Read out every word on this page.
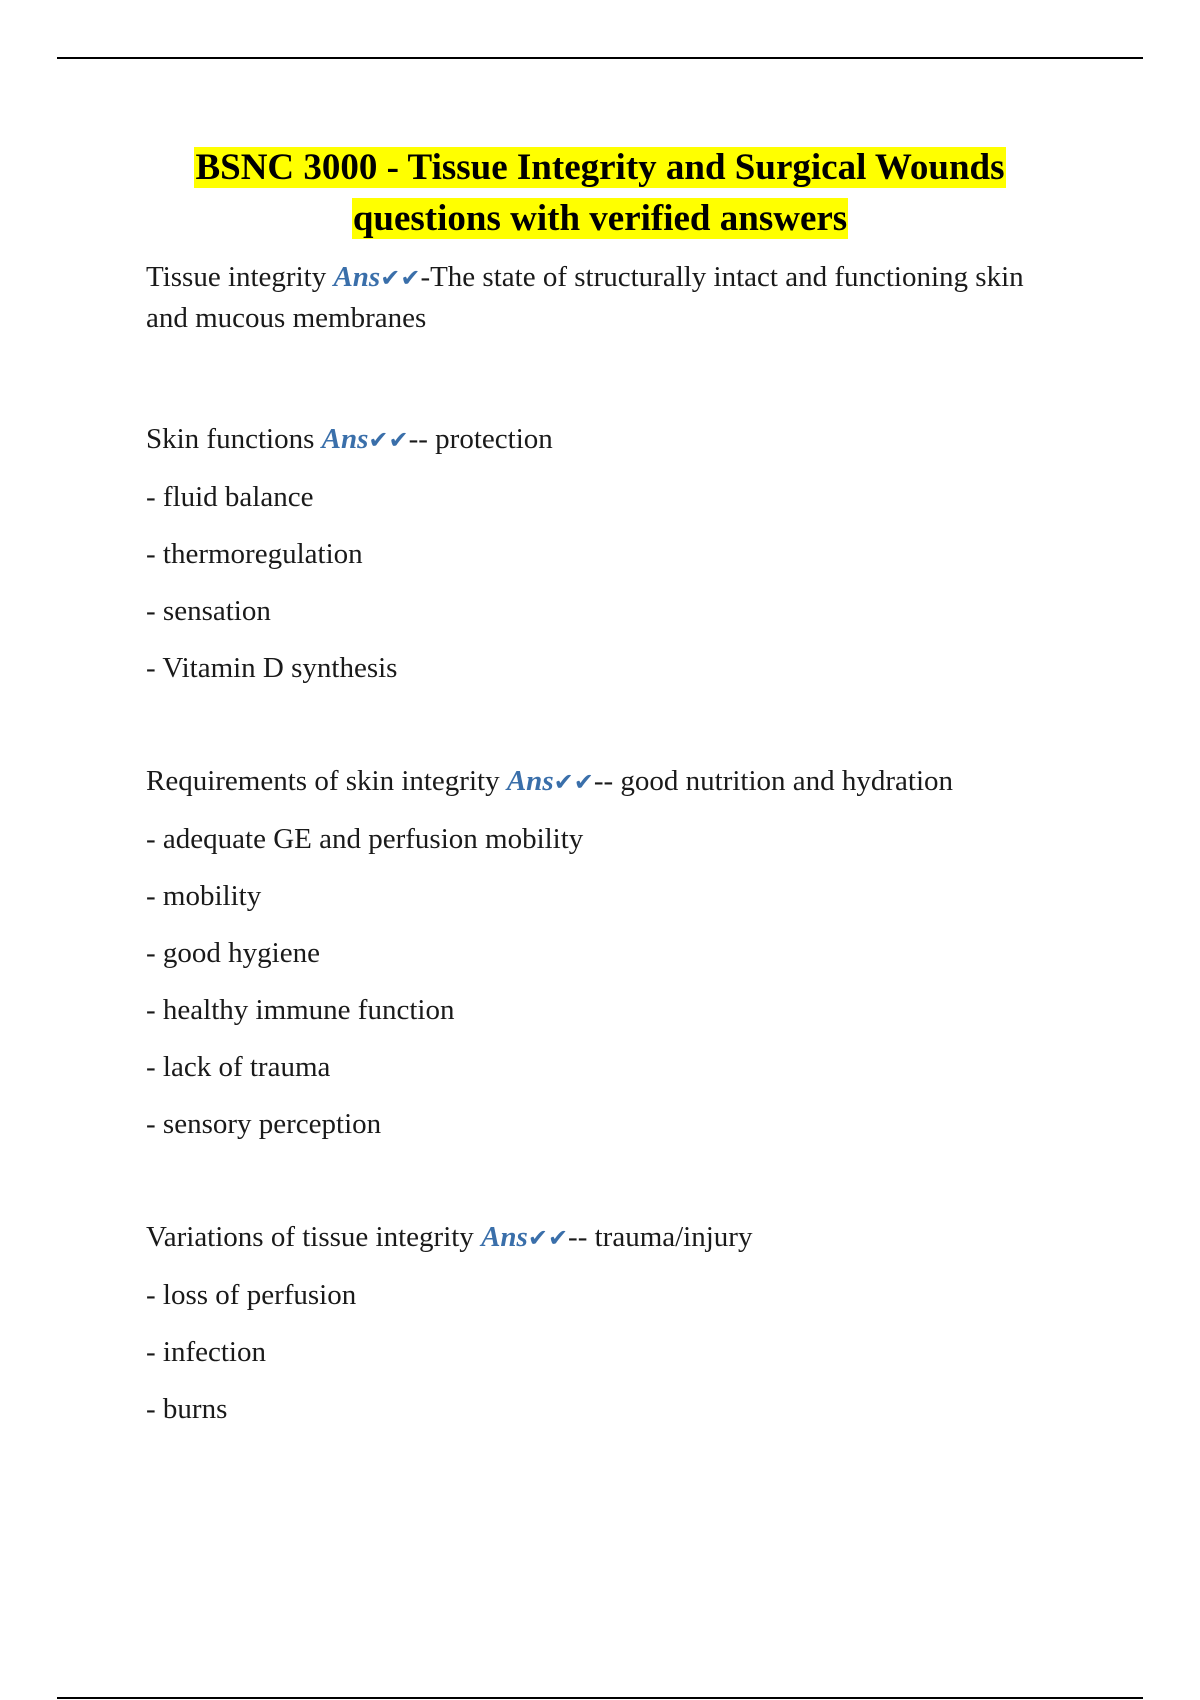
BSNC 3000 - Tissue Integrity and Surgical Wounds
questions with verified answers
Tissue integrity Ans✔✔-The state of structurally intact and functioning skin and mucous membranes
Skin functions Ans✔✔-- protection
- fluid balance
- thermoregulation
- sensation
- Vitamin D synthesis
Requirements of skin integrity Ans✔✔-- good nutrition and hydration
- adequate GE and perfusion mobility
- mobility
- good hygiene
- healthy immune function
- lack of trauma
- sensory perception
Variations of tissue integrity Ans✔✔-- trauma/injury
- loss of perfusion
- infection
- burns
